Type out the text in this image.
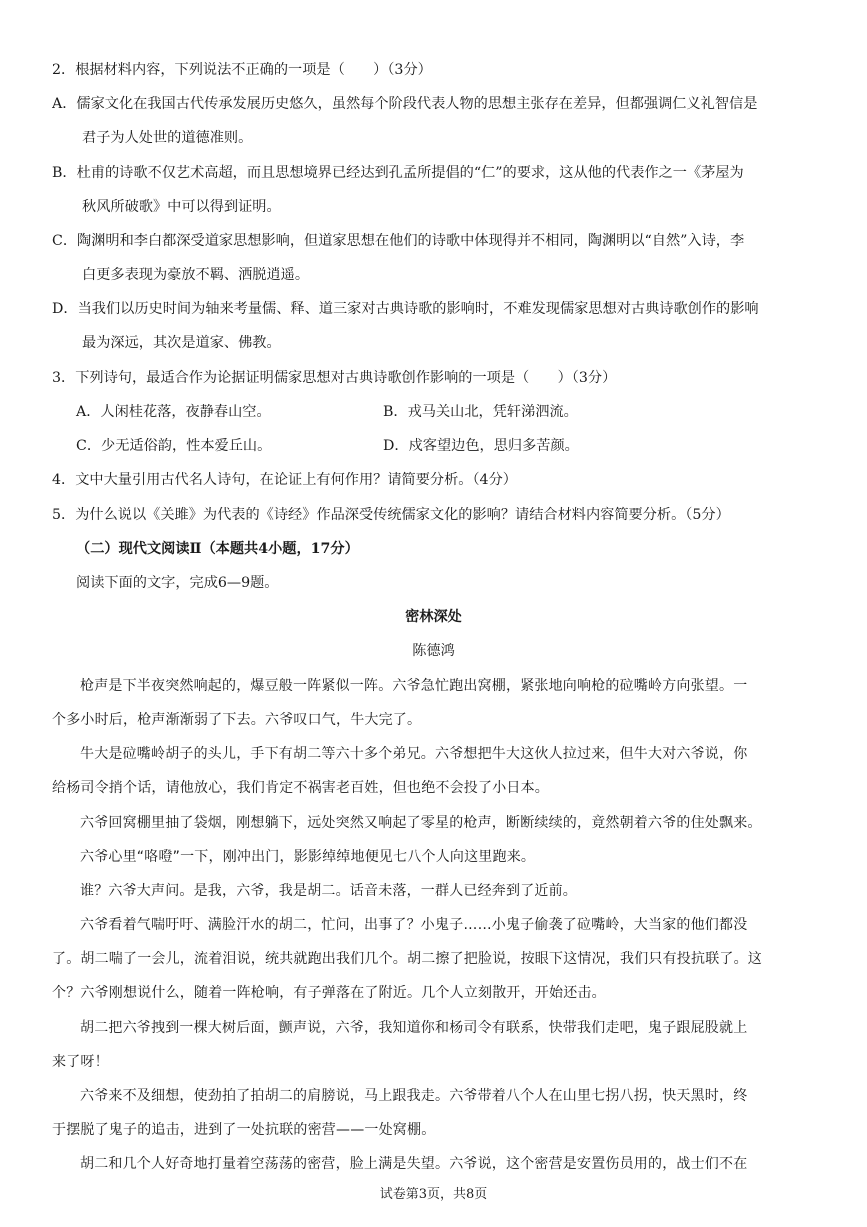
2．根据材料内容，下列说法不正确的一项是（　　）（3分）
A．儒家文化在我国古代传承发展历史悠久，虽然每个阶段代表人物的思想主张存在差异，但都强调仁义礼智信是
君子为人处世的道德准则。
B．杜甫的诗歌不仅艺术高超，而且思想境界已经达到孔孟所提倡的“仁”的要求，这从他的代表作之一《茅屋为
秋风所破歌》中可以得到证明。
C．陶渊明和李白都深受道家思想影响，但道家思想在他们的诗歌中体现得并不相同，陶渊明以“自然”入诗，李
白更多表现为豪放不羁、洒脱逍遥。
D．当我们以历史时间为轴来考量儒、释、道三家对古典诗歌的影响时，不难发现儒家思想对古典诗歌创作的影响
最为深远，其次是道家、佛教。
3．下列诗句，最适合作为论据证明儒家思想对古典诗歌创作影响的一项是（　　）（3分）
A．人闲桂花落，夜静春山空。	B．戎马关山北，凭轩涕泗流。
C．少无适俗韵，性本爱丘山。	D．戍客望边色，思归多苦颜。
4．文中大量引用古代名人诗句，在论证上有何作用？请简要分析。（4分）
5．为什么说以《关雎》为代表的《诗经》作品深受传统儒家文化的影响？请结合材料内容简要分析。（5分）
（二）现代文阅读Ⅱ（本题共4小题，17分）
阅读下面的文字，完成6—9题。
密林深处
陈德鸿
枪声是下半夜突然响起的，爆豆般一阵紧似一阵。六爷急忙跑出窝棚，紧张地向响枪的砬嘴岭方向张望。一
个多小时后，枪声渐渐弱了下去。六爷叹口气，牛大完了。
牛大是砬嘴岭胡子的头儿，手下有胡二等六十多个弟兄。六爷想把牛大这伙人拉过来，但牛大对六爷说，你
给杨司令捎个话，请他放心，我们肯定不祸害老百姓，但也绝不会投了小日本。
六爷回窝棚里抽了袋烟，刚想躺下，远处突然又响起了零星的枪声，断断续续的，竟然朝着六爷的住处飘来。
六爷心里“咯噔”一下，刚冲出门，影影绰绰地便见七八个人向这里跑来。
谁？六爷大声问。是我，六爷，我是胡二。话音未落，一群人已经奔到了近前。
六爷看着气喘吁吁、满脸汗水的胡二，忙问，出事了？小鬼子……小鬼子偷袭了砬嘴岭，大当家的他们都没
了。胡二喘了一会儿，流着泪说，统共就跑出我们几个。胡二擦了把脸说，按眼下这情况，我们只有投抗联了。这
个？六爷刚想说什么，随着一阵枪响，有子弹落在了附近。几个人立刻散开，开始还击。
胡二把六爷拽到一棵大树后面，颤声说，六爷，我知道你和杨司令有联系，快带我们走吧，鬼子跟屁股就上
来了呀！
六爷来不及细想，使劲拍了拍胡二的肩膀说，马上跟我走。六爷带着八个人在山里七拐八拐，快天黑时，终
于摆脱了鬼子的追击，进到了一处抗联的密营——一处窝棚。
胡二和几个人好奇地打量着空荡荡的密营，脸上满是失望。六爷说，这个密营是安置伤员用的，战士们不在
试卷第3页，共8页
